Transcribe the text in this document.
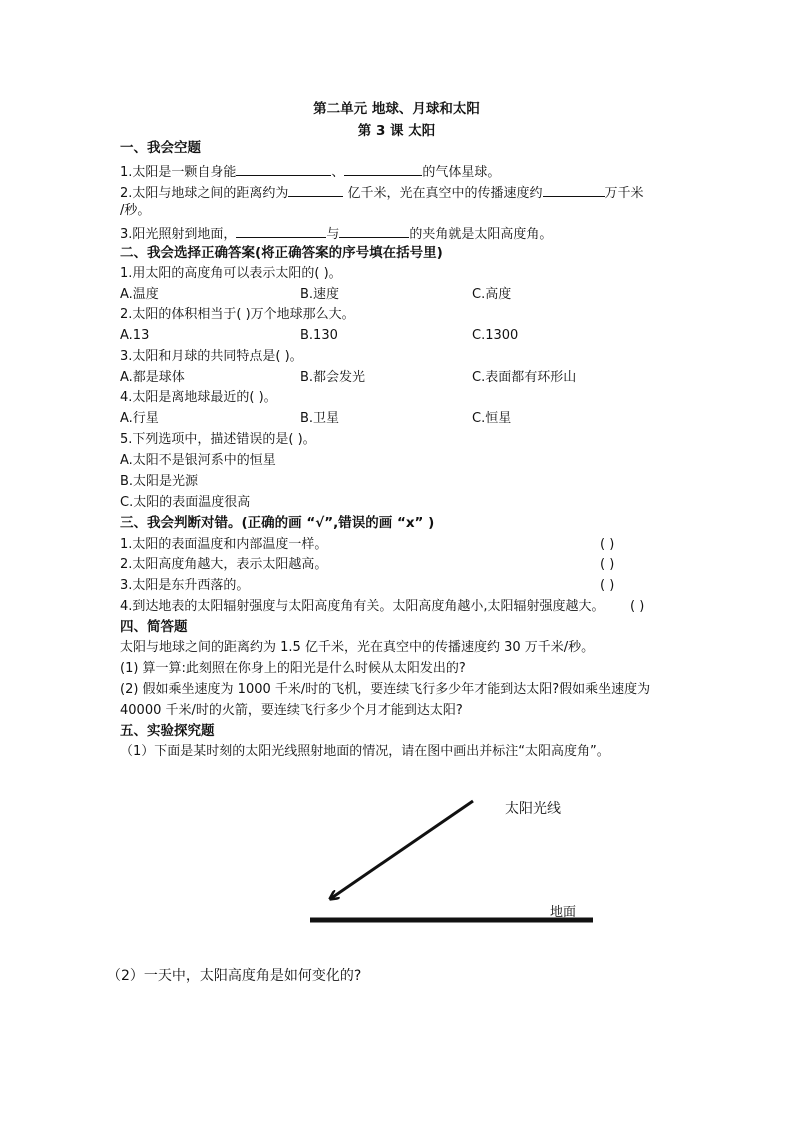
第二单元 地球、月球和太阳
第 3 课 太阳
一、我会空题
1.太阳是一颗自身能	、	的气体星球。
2.太阳与地球之间的距离约为	亿千米，光在真空中的传播速度约	万千米
/秒。
3.阳光照射到地面，	与	的夹角就是太阳高度角。
二、我会选择正确答案(将正确答案的序号填在括号里)
1.用太阳的高度角可以表示太阳的( )。
A.温度	B.速度	C.高度
2.太阳的体积相当于( )万个地球那么大。
A.13	B.130	C.1300
3.太阳和月球的共同特点是( )。
A.都是球体	B.都会发光	C.表面都有环形山
4.太阳是离地球最近的( )。
A.行星	B.卫星	C.恒星
5.下列选项中，描述错误的是( )。
A.太阳不是银河系中的恒星
B.太阳是光源
C.太阳的表面温度很高
三、我会判断对错。(正确的画 “√”,错误的画 “x” )
1.太阳的表面温度和内部温度一样。	( )
2.太阳高度角越大，表示太阳越高。	( )
3.太阳是东升西落的。	( )
4.到达地表的太阳辐射强度与太阳高度角有关。太阳高度角越小,太阳辐射强度越大。 ( )
四、简答题
太阳与地球之间的距离约为 1.5 亿千米，光在真空中的传播速度约 30 万千米/秒。
(1) 算一算:此刻照在你身上的阳光是什么时候从太阳发出的?
(2) 假如乘坐速度为 1000 千米/时的飞机，要连续飞行多少年才能到达太阳?假如乘坐速度为
40000 千米/时的火箭，要连续飞行多少个月才能到达太阳?
五、实验探究题
（1）下面是某时刻的太阳光线照射地面的情况，请在图中画出并标注“太阳高度角”。
太阳光线
地面
（2）一天中，太阳高度角是如何变化的?
